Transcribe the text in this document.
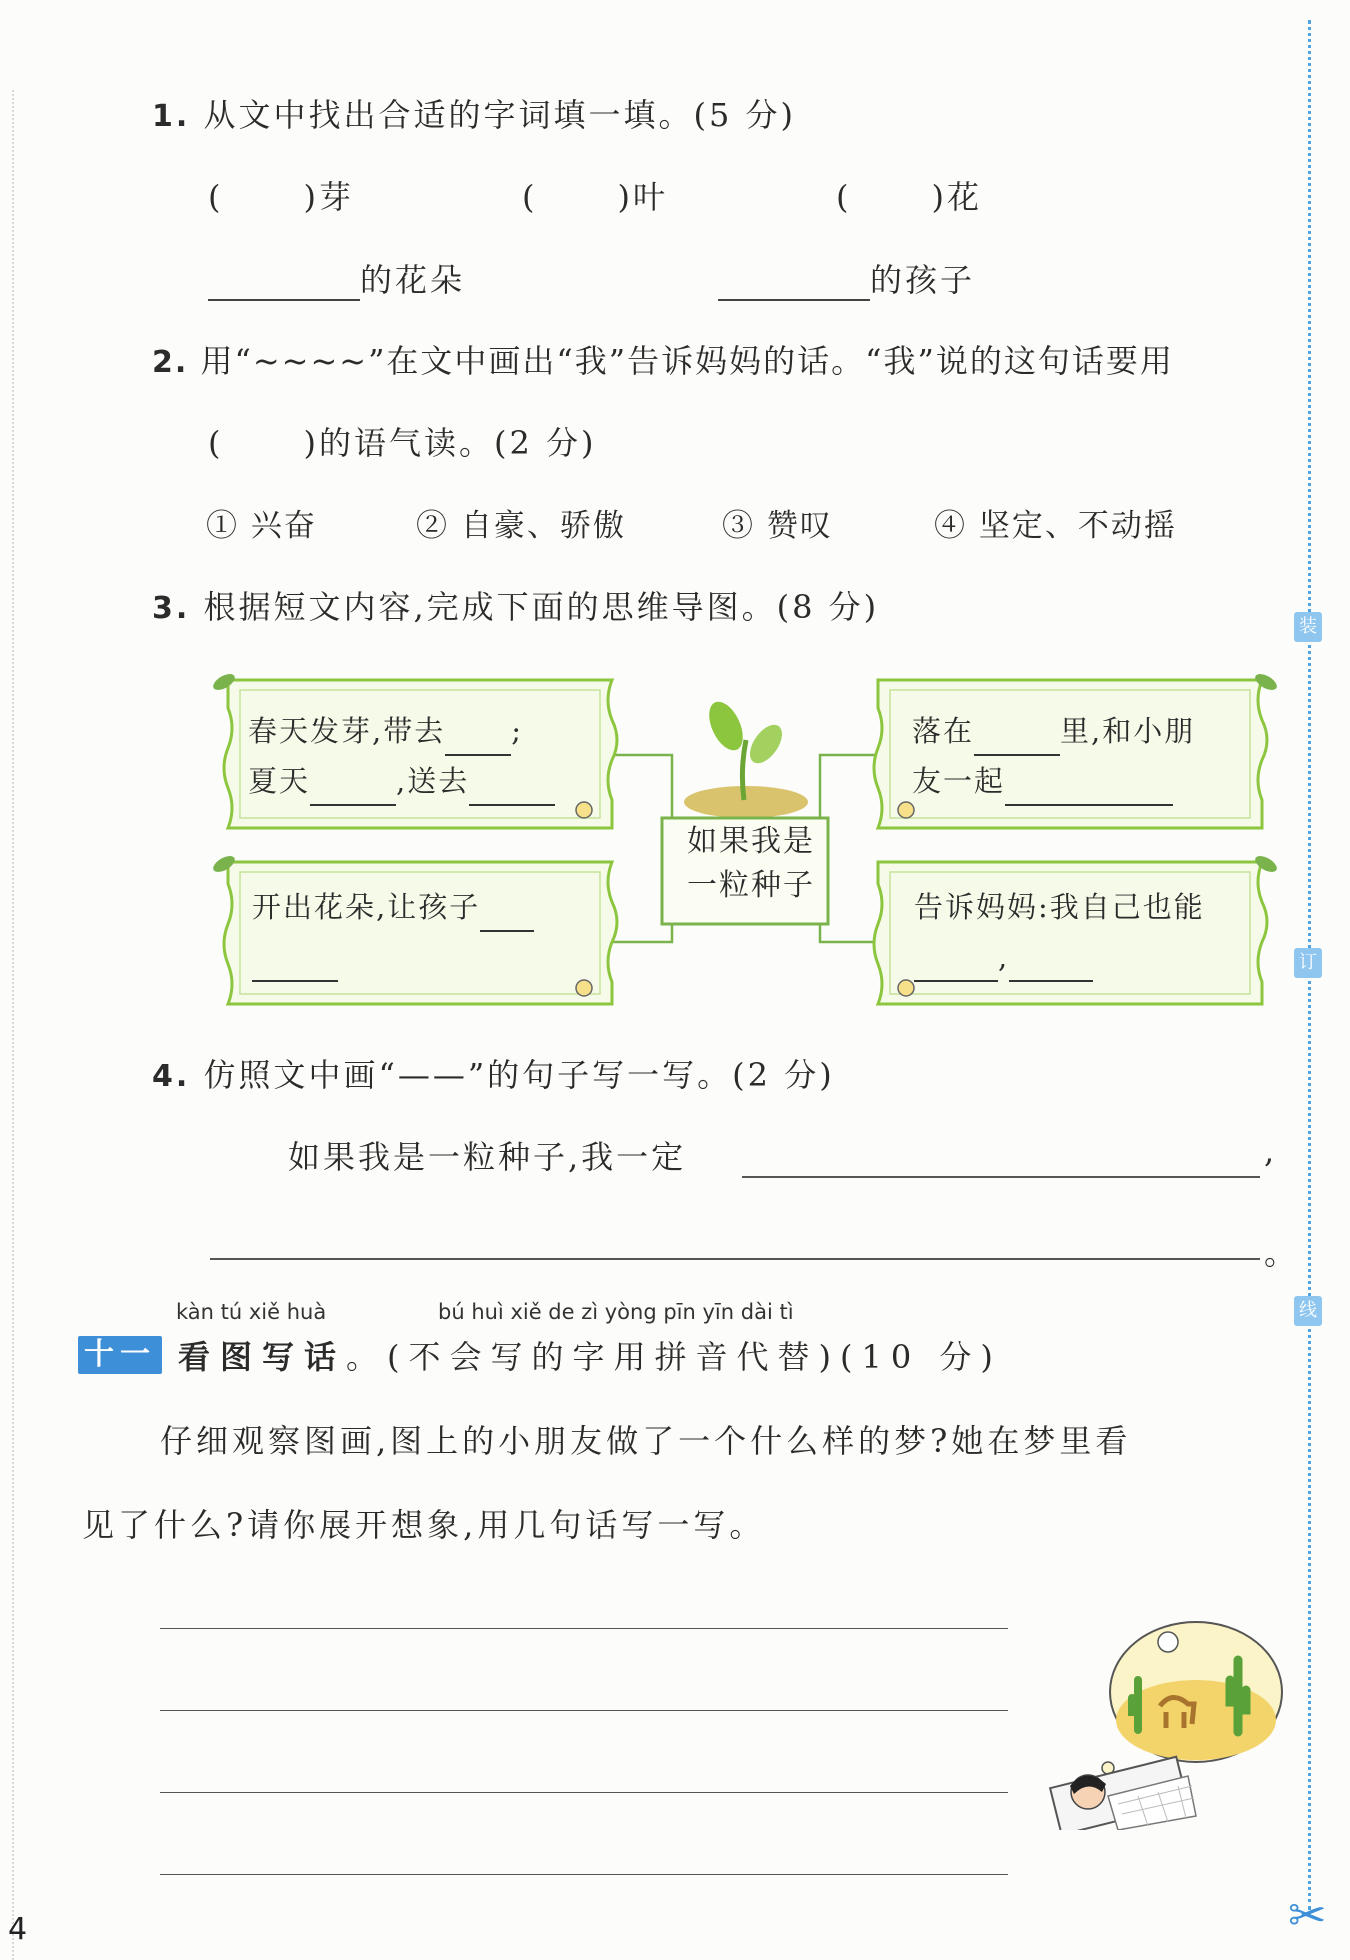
装
订
线
1. 从文中找出合适的字词填一填。(5 分)
(	)芽	(	)叶	(	)花
的花朵	的孩子
2. 用“~~~~”在文中画出“我”告诉妈妈的话。“我”说的这句话要用
(	)的语气读。(2 分)
① 兴奋	② 自豪、骄傲	③ 赞叹	④ 坚定、不动摇
3. 根据短文内容,完成下面的思维导图。(8 分)
如果我是
一粒种子
春天发芽,带去 ;
夏天	,送去
开出花朵,让孩子
落在	里,和小朋
友一起
告诉妈妈:我自己也能
,
4. 仿照文中画“——”的句子写一写。(2 分)
如果我是一粒种子,我一定	,
。
kàn tú xiě huà	bú huì xiě de zì yòng pīn yīn dài tì
十一 看图写话。(不会写的字用拼音代替)(10 分)
仔细观察图画,图上的小朋友做了一个什么样的梦?她在梦里看
见了什么?请你展开想象,用几句话写一写。
✂
4
